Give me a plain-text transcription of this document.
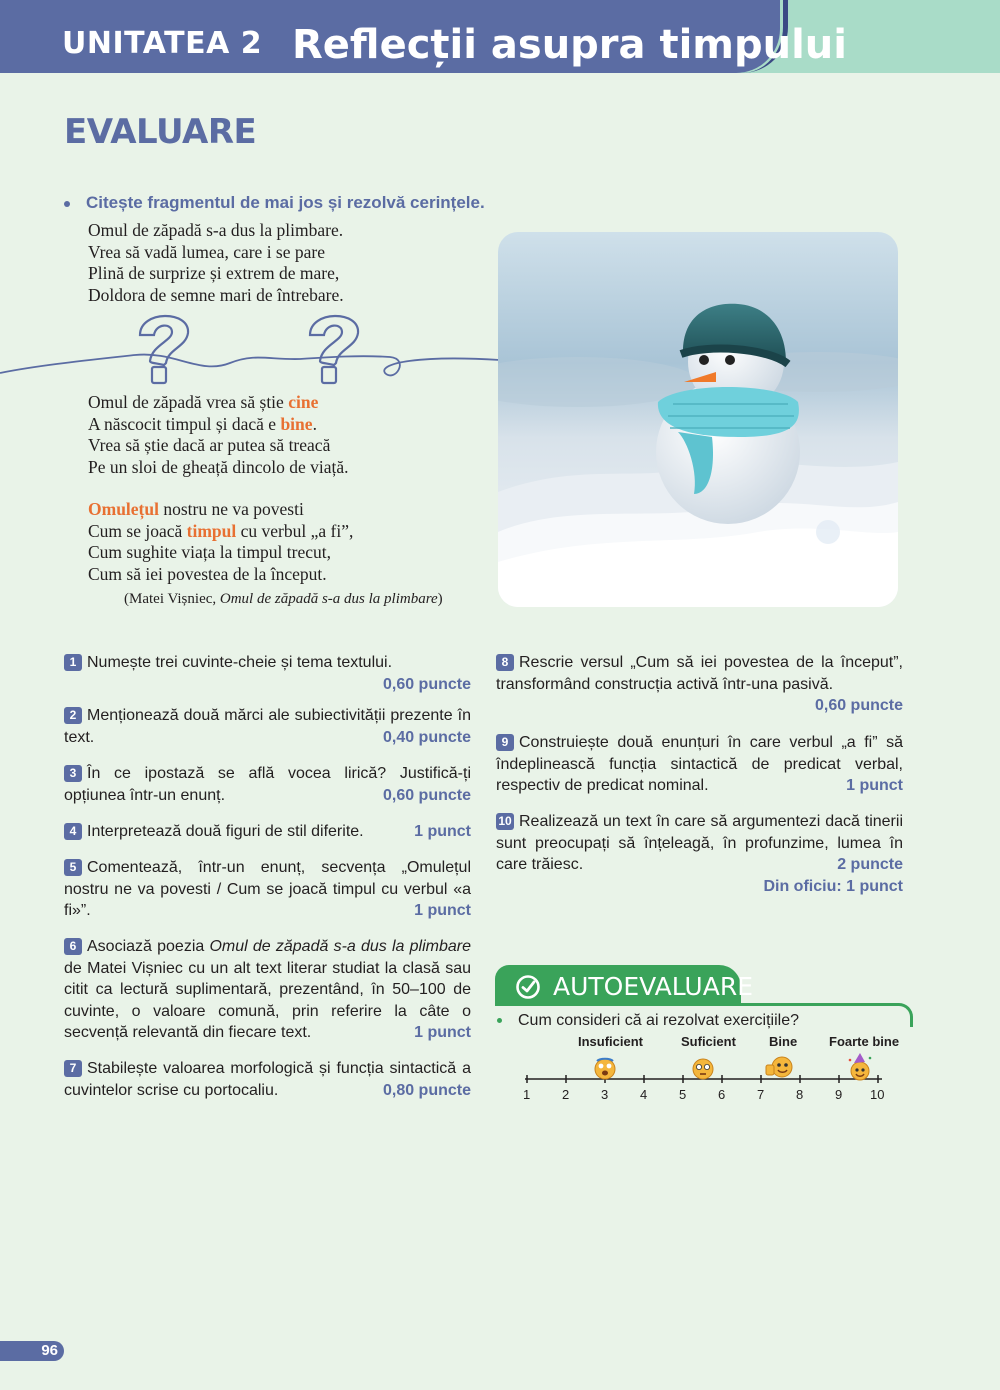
UNITATEA 2 Reflecții asupra timpului
EVALUARE
Citește fragmentul de mai jos și rezolvă cerințele.
Omul de zăpadă s-a dus la plimbare.
Vrea să vadă lumea, care i se pare
Plină de surprize și extrem de mare,
Doldora de semne mari de întrebare.
Omul de zăpadă vrea să știe cine
A născocit timpul și dacă e bine.
Vrea să știe dacă ar putea să treacă
Pe un sloi de gheață dincolo de viață.
Omulețul nostru ne va povesti
Cum se joacă timpul cu verbul „a fi”,
Cum sughite viața la timpul trecut,
Cum să iei povestea de la început.
(Matei Vișniec, Omul de zăpadă s-a dus la plimbare)
1 Numește trei cuvinte-cheie și tema textului.
0,60 puncte
2 Menționează două mărci ale subiectivității prezente în text.	0,40 puncte
3 În ce ipostază se află vocea lirică? Justifică-ți opțiunea într-un enunț.	0,60 puncte
4 Interpretează două figuri de stil diferite.	1 punct
5 Comentează, într-un enunț, secvența „Omulețul nostru ne va povesti / Cum se joacă timpul cu verbul «a fi»”.	1 punct
6 Asociază poezia Omul de zăpadă s-a dus la plimbare de Matei Vișniec cu un alt text literar studiat la clasă sau citit ca lectură suplimentară, prezentând, în 50–100 de cuvinte, o valoare comună, prin referire la câte o secvență relevantă din fiecare text.	1 punct
7 Stabilește valoarea morfologică și funcția sintactică a cuvintelor scrise cu portocaliu.	0,80 puncte
8 Rescrie versul „Cum să iei povestea de la început”, transformând construcția activă într-una pasivă.
0,60 puncte
9 Construiește două enunțuri în care verbul „a fi” să îndeplinească funcția sintactică de predicat verbal, respectiv de predicat nominal.	1 punct
10 Realizează un text în care să argumentezi dacă tinerii sunt preocupați să înțeleagă, în profunzime, lumea în care trăiesc.	2 puncte
Din oficiu: 1 punct
AUTOEVALUARE
Cum consideri că ai rezolvat exercițiile?
Insuficient	Suficient	Bine Foarte bine
1 2 3 4 5 6 7 8 9 10
96
